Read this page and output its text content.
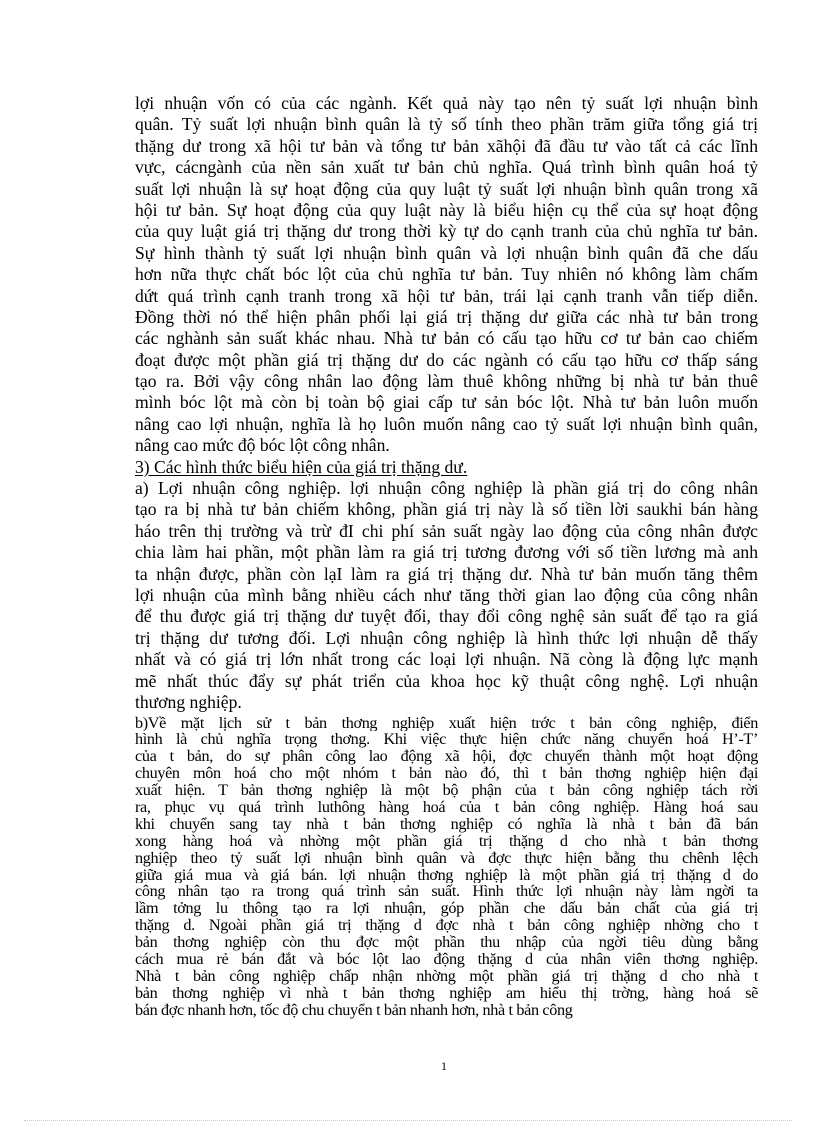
lợi nhuận vốn có của các ngành. Kết quả này tạo nên tỷ suất lợi nhuận bình
quân. Tỷ suất lợi nhuận bình quân là tỷ số tính theo phần trăm giữa tổng giá trị
thặng dư trong xã hội tư bản và tổng tư bản xãhội đã đầu tư vào tất cả các lĩnh
vực, cácngành của nền sản xuất tư bản chủ nghĩa. Quá trình bình quân hoá tỷ
suất lợi nhuận là sự hoạt động của quy luật tỷ suất lợi nhuận bình quân trong xã
hội tư bản. Sự hoạt động của quy luật này là biểu hiện cụ thể của sự hoạt động
của quy luật giá trị thặng dư trong thời kỳ tự do cạnh tranh của chủ nghĩa tư bản.
Sự hình thành tỷ suất lợi nhuận bình quân và lợi nhuận bình quân đã che dấu
hơn nữa thực chất bóc lột của chủ nghĩa tư bản. Tuy nhiên nó không làm chấm
dứt quá trình cạnh tranh trong xã hội tư bản, trái lại cạnh tranh vẫn tiếp diễn.
Đồng thời nó thể hiện phân phối lại giá trị thặng dư giữa các nhà tư bản trong
các nghành sản suất khác nhau. Nhà tư bản có cấu tạo hữu cơ tư bản cao chiếm
đoạt được một phần giá trị thặng dư do các ngành có cấu tạo hữu cơ thấp sáng
tạo ra. Bởi vậy công nhân lao động làm thuê không những bị nhà tư bản thuê
mình bóc lột mà còn bị toàn bộ giai cấp tư sản bóc lột. Nhà tư bản luôn muốn
nâng cao lợi nhuận, nghĩa là họ luôn muốn nâng cao tỷ suất lợi nhuận bình quân,
nâng cao mức độ bóc lột công nhân.
3) Các hình thức biểu hiện của giá trị thặng dư.
a) Lợi nhuận công nghiệp. lợi nhuận công nghiệp là phần giá trị do công nhân
tạo ra bị nhà tư bản chiếm không, phần giá trị này là số tiền lời saukhi bán hàng
háo trên thị trường và trừ đI chi phí sản suất ngày lao động của công nhân được
chia làm hai phần, một phần làm ra giá trị tương đương với số tiền lương mà anh
ta nhận được, phần còn lạI làm ra giá trị thặng dư. Nhà tư bản muốn tăng thêm
lợi nhuận của mình bằng nhiều cách như tăng thời gian lao động của công nhân
để thu được giá trị thặng dư tuyệt đối, thay đổi công nghệ sản suất để tạo ra giá
trị thặng dư tương đối. Lợi nhuận công nghiệp là hình thức lợi nhuận dễ thấy
nhất và có giá trị lớn nhất trong các loại lợi nhuận. Nã còng là động lực mạnh
mẽ nhất thúc đẩy sự phát triển của khoa học kỹ thuật công nghệ. Lợi nhuận
thương nghiệp.
b)Về mặt lịch sử t bản thơng nghiệp xuất hiện trớc t bản công nghiệp, điển
hình là chủ nghĩa trọng thơng. Khi việc thực hiện chức năng chuyển hoá H’-T’
của t bản, do sự phân công lao động xã hội, đợc chuyển thành một hoạt động
chuyên môn hoá cho một nhóm t bản nào đó, thì t bản thơng nghiệp hiện đại
xuất hiện. T bản thơng nghiệp là một bộ phận của t bản công nghiệp tách rời
ra, phục vụ quá trình luthông hàng hoá của t bản công nghiệp. Hàng hoá sau
khi chuyển sang tay nhà t bản thơng nghiệp có nghĩa là nhà t bản đã bán
xong hàng hoá và nhờng một phần giá trị thặng d cho nhà t bản thơng
nghiệp theo tỷ suất lợi nhuận bình quân và đợc thực hiện bằng thu chênh lệch
giữa giá mua và giá bán. lợi nhuận thơng nghiệp là một phần giá trị thặng d do
công nhân tạo ra trong quá trình sản suất. Hình thức lợi nhuận này làm ngời ta
lầm tởng lu thông tạo ra lợi nhuận, góp phần che dấu bản chất của giá trị
thặng d. Ngoài phần giá trị thặng d đợc nhà t bản công nghiệp nhờng cho t
bản thơng nghiệp còn thu đợc một phần thu nhập của ngời tiêu dùng bằng
cách mua rẻ bán đắt và bóc lột lao động thặng d của nhân viên thơng nghiệp.
Nhà t bản công nghiệp chấp nhận nhờng một phần giá trị thặng d cho nhà t
bản thơng nghiệp vì nhà t bản thơng nghiệp am hiểu thị trờng, hàng hoá sẽ
bán đợc nhanh hơn, tốc độ chu chuyển t bản nhanh hơn, nhà t bản công
1
